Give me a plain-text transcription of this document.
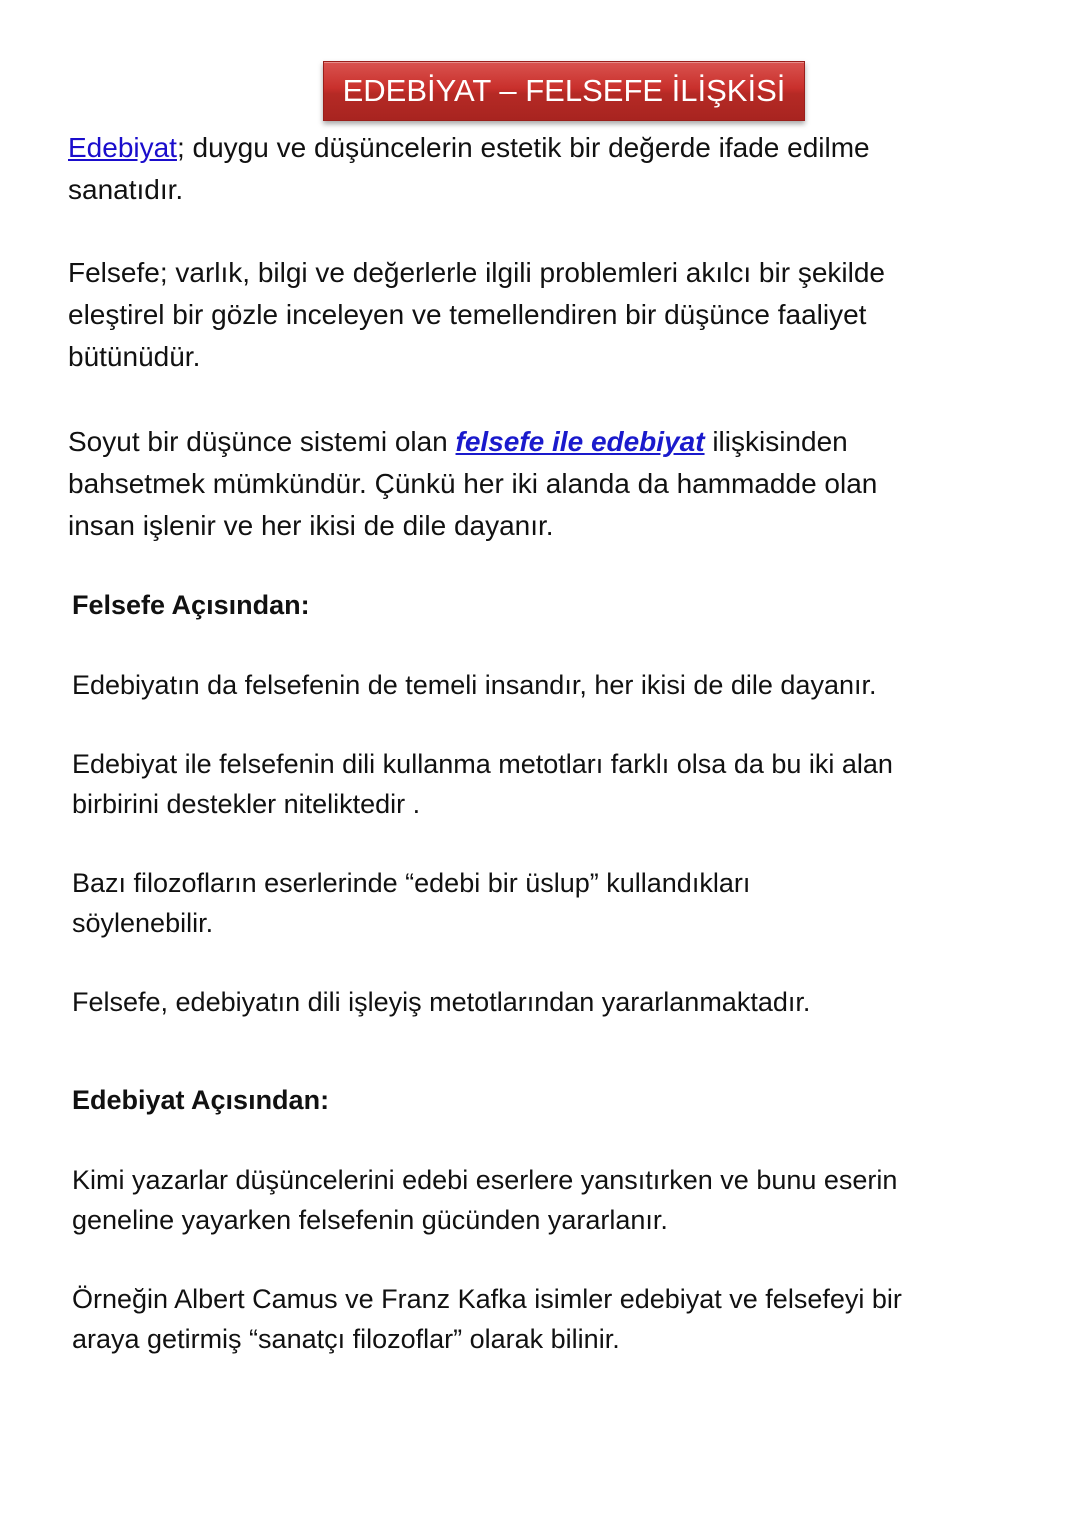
EDEBİYAT – FELSEFE İLİŞKİSİ
Edebiyat; duygu ve düşüncelerin estetik bir değerde ifade edilme
sanatıdır.
Felsefe; varlık, bilgi ve değerlerle ilgili problemleri akılcı bir şekilde
eleştirel bir gözle inceleyen ve temellendiren bir düşünce faaliyet
bütünüdür.
Soyut bir düşünce sistemi olan felsefe ile edebiyat ilişkisinden
bahsetmek mümkündür. Çünkü her iki alanda da hammadde olan
insan işlenir ve her ikisi de dile dayanır.
Felsefe Açısından:
Edebiyatın da felsefenin de temeli insandır, her ikisi de dile dayanır.
Edebiyat ile felsefenin dili kullanma metotları farklı olsa da bu iki alan
birbirini destekler niteliktedir .
Bazı filozofların eserlerinde “edebi bir üslup” kullandıkları
söylenebilir.
Felsefe, edebiyatın dili işleyiş metotlarından yararlanmaktadır.
Edebiyat Açısından:
Kimi yazarlar düşüncelerini edebi eserlere yansıtırken ve bunu eserin
geneline yayarken felsefenin gücünden yararlanır.
Örneğin Albert Camus ve Franz Kafka isimler edebiyat ve felsefeyi bir
araya getirmiş “sanatçı filozoflar” olarak bilinir.
